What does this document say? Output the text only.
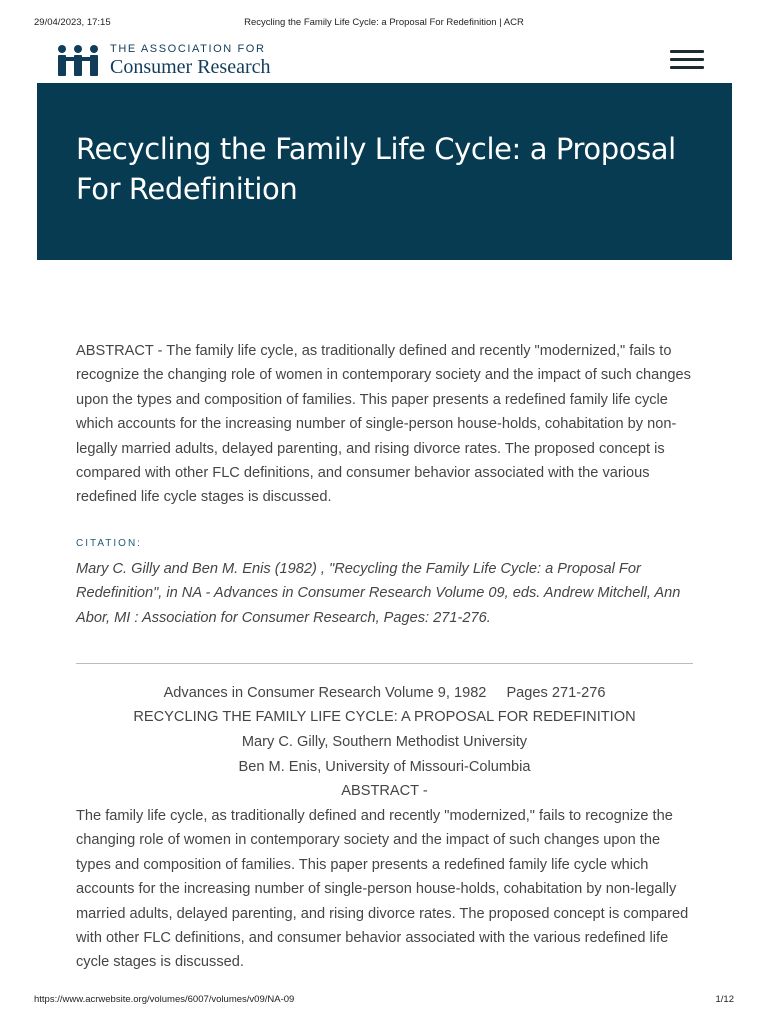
29/04/2023, 17:15	Recycling the Family Life Cycle: a Proposal For Redefinition | ACR
THE ASSOCIATION FOR
Consumer Research
Recycling the Family Life Cycle: a Proposal For Redefinition

ABSTRACT - The family life cycle, as traditionally defined and recently "modernized," fails to recognize the changing role of women in contemporary society and the impact of such changes upon the types and composition of families. This paper presents a redefined family life cycle which accounts for the increasing number of single-person house-holds, cohabitation by non-legally married adults, delayed parenting, and rising divorce rates. The proposed concept is compared with other FLC definitions, and consumer behavior associated with the various redefined life cycle stages is discussed.

CITATION:

Mary C. Gilly and Ben M. Enis (1982) , "Recycling the Family Life Cycle: a Proposal For Redefinition", in NA - Advances in Consumer Research Volume 09, eds. Andrew Mitchell, Ann Abor, MI : Association for Consumer Research, Pages: 271-276.

Advances in Consumer Research Volume 9, 1982 Pages 271-276
RECYCLING THE FAMILY LIFE CYCLE: A PROPOSAL FOR REDEFINITION
Mary C. Gilly, Southern Methodist University
Ben M. Enis, University of Missouri-Columbia
ABSTRACT -

The family life cycle, as traditionally defined and recently "modernized," fails to recognize the changing role of women in contemporary society and the impact of such changes upon the types and composition of families. This paper presents a redefined family life cycle which accounts for the increasing number of single-person house-holds, cohabitation by non-legally married adults, delayed parenting, and rising divorce rates. The proposed concept is compared with other FLC definitions, and consumer behavior associated with the various redefined life cycle stages is discussed.

https://www.acrwebsite.org/volumes/6007/volumes/v09/NA-09	1/12
